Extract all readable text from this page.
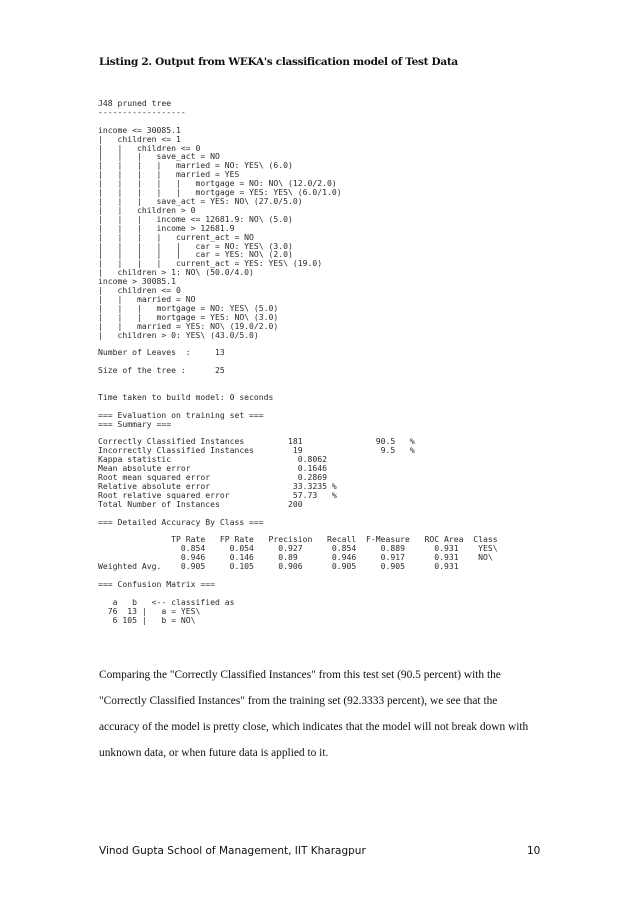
Listing 2. Output from WEKA's classification model of Test Data
J48 pruned tree
------------------

income <= 30085.1
|   children <= 1
|   |   children <= 0
|   |   |   save_act = NO
|   |   |   |   married = NO: YES\ (6.0)
|   |   |   |   married = YES
|   |   |   |   |   mortgage = NO: NO\ (12.0/2.0)
|   |   |   |   |   mortgage = YES: YES\ (6.0/1.0)
|   |   |   save_act = YES: NO\ (27.0/5.0)
|   |   children > 0
|   |   |   income <= 12681.9: NO\ (5.0)
|   |   |   income > 12681.9
|   |   |   |   current_act = NO
|   |   |   |   |   car = NO: YES\ (3.0)
|   |   |   |   |   car = YES: NO\ (2.0)
|   |   |   |   current_act = YES: YES\ (19.0)
|   children > 1: NO\ (50.0/4.0)
income > 30085.1
|   children <= 0
|   |   married = NO
|   |   |   mortgage = NO: YES\ (5.0)
|   |   |   mortgage = YES: NO\ (3.0)
|   |   married = YES: NO\ (19.0/2.0)
|   children > 0: YES\ (43.0/5.0)

Number of Leaves  :     13

Size of the tree :      25

Time taken to build model: 0 seconds

=== Evaluation on training set ===
=== Summary ===

Correctly Classified Instances         181               90.5   %
Incorrectly Classified Instances        19                9.5   %
Kappa statistic                          0.8062
Mean absolute error                      0.1646
Root mean squared error                  0.2869
Relative absolute error                 33.3235 %
Root relative squared error             57.73   %
Total Number of Instances              200

=== Detailed Accuracy By Class ===

TP Rate   FP Rate   Precision   Recall  F-Measure   ROC Area  Class
0.854     0.054     0.927      0.854     0.889      0.931    YES\
0.946     0.146     0.89       0.946     0.917      0.931    NO\
Weighted Avg.    0.905     0.105     0.906      0.905     0.905      0.931

=== Confusion Matrix ===

a   b   <-- classified as
76  13 |   a = YES\
6 105 |   b = NO\

Comparing the "Correctly Classified Instances" from this test set (90.5 percent) with the

"Correctly Classified Instances" from the training set (92.3333 percent), we see that the

accuracy of the model is pretty close, which indicates that the model will not break down with

unknown data, or when future data is applied to it.

Vinod Gupta School of Management, IIT Kharagpur	10
